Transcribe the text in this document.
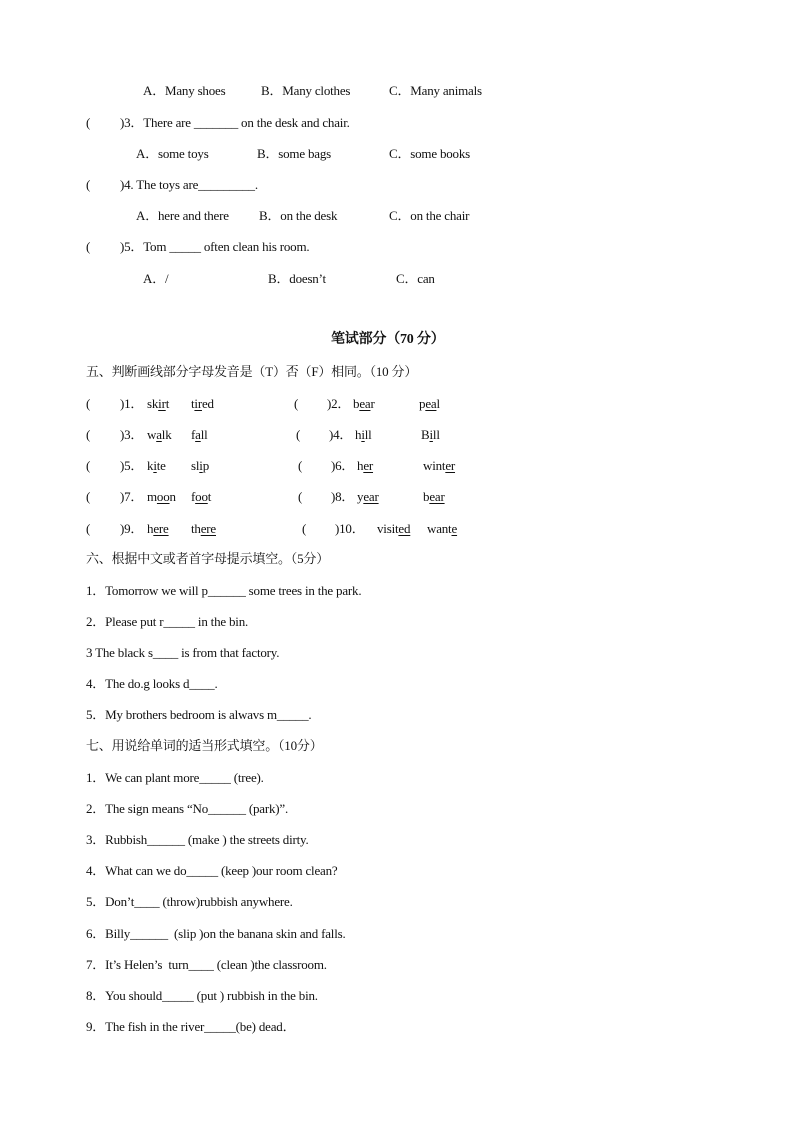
A．Many shoes	B．Many clothes	C．Many animals
( )3．There are _______ on the desk and chair.
A．some toys	B．some bags	C．some books
( )4. The toys are_________.
A．here and there B．on the desk	C．on the chair
( )5．Tom _____ often clean his room.
A．/	B．doesn’t	C．can
笔试部分（70 分）
五、判断画线部分字母发音是（T）否（F）相同。（10 分）
( )1． skirt tired	( )2． bear	peal
( )3． walk fall	( )4． hill	Bill
( )5． kite slip	( )6． her	winter
( )7． moon foot	( )8． year	bear
( )9． here there	( )10． visited wante
六、根据中文或者首字母提示填空。（5分）
1．Tomorrow we will p______ some trees in the park.
2．Please put r_____ in the bin.
3 The black s____ is from that factory.
4．The do.g looks d____.
5．My brothers bedroom is alwavs m_____.
七、用说给单词的适当形式填空。（10分）
1．We can plant more_____ (tree).
2．The sign means “No______ (park)”.
3．Rubbish______ (make ) the streets dirty.
4．What can we do_____ (keep )our room clean?
5．Don’t____ (throw)rubbish anywhere.
6．Billy______  (slip )on the banana skin and falls.
7．It’s Helen’s  turn____ (clean )the classroom.
8．You should_____ (put ) rubbish in the bin.
9．The fish in the river_____(be) dead．
